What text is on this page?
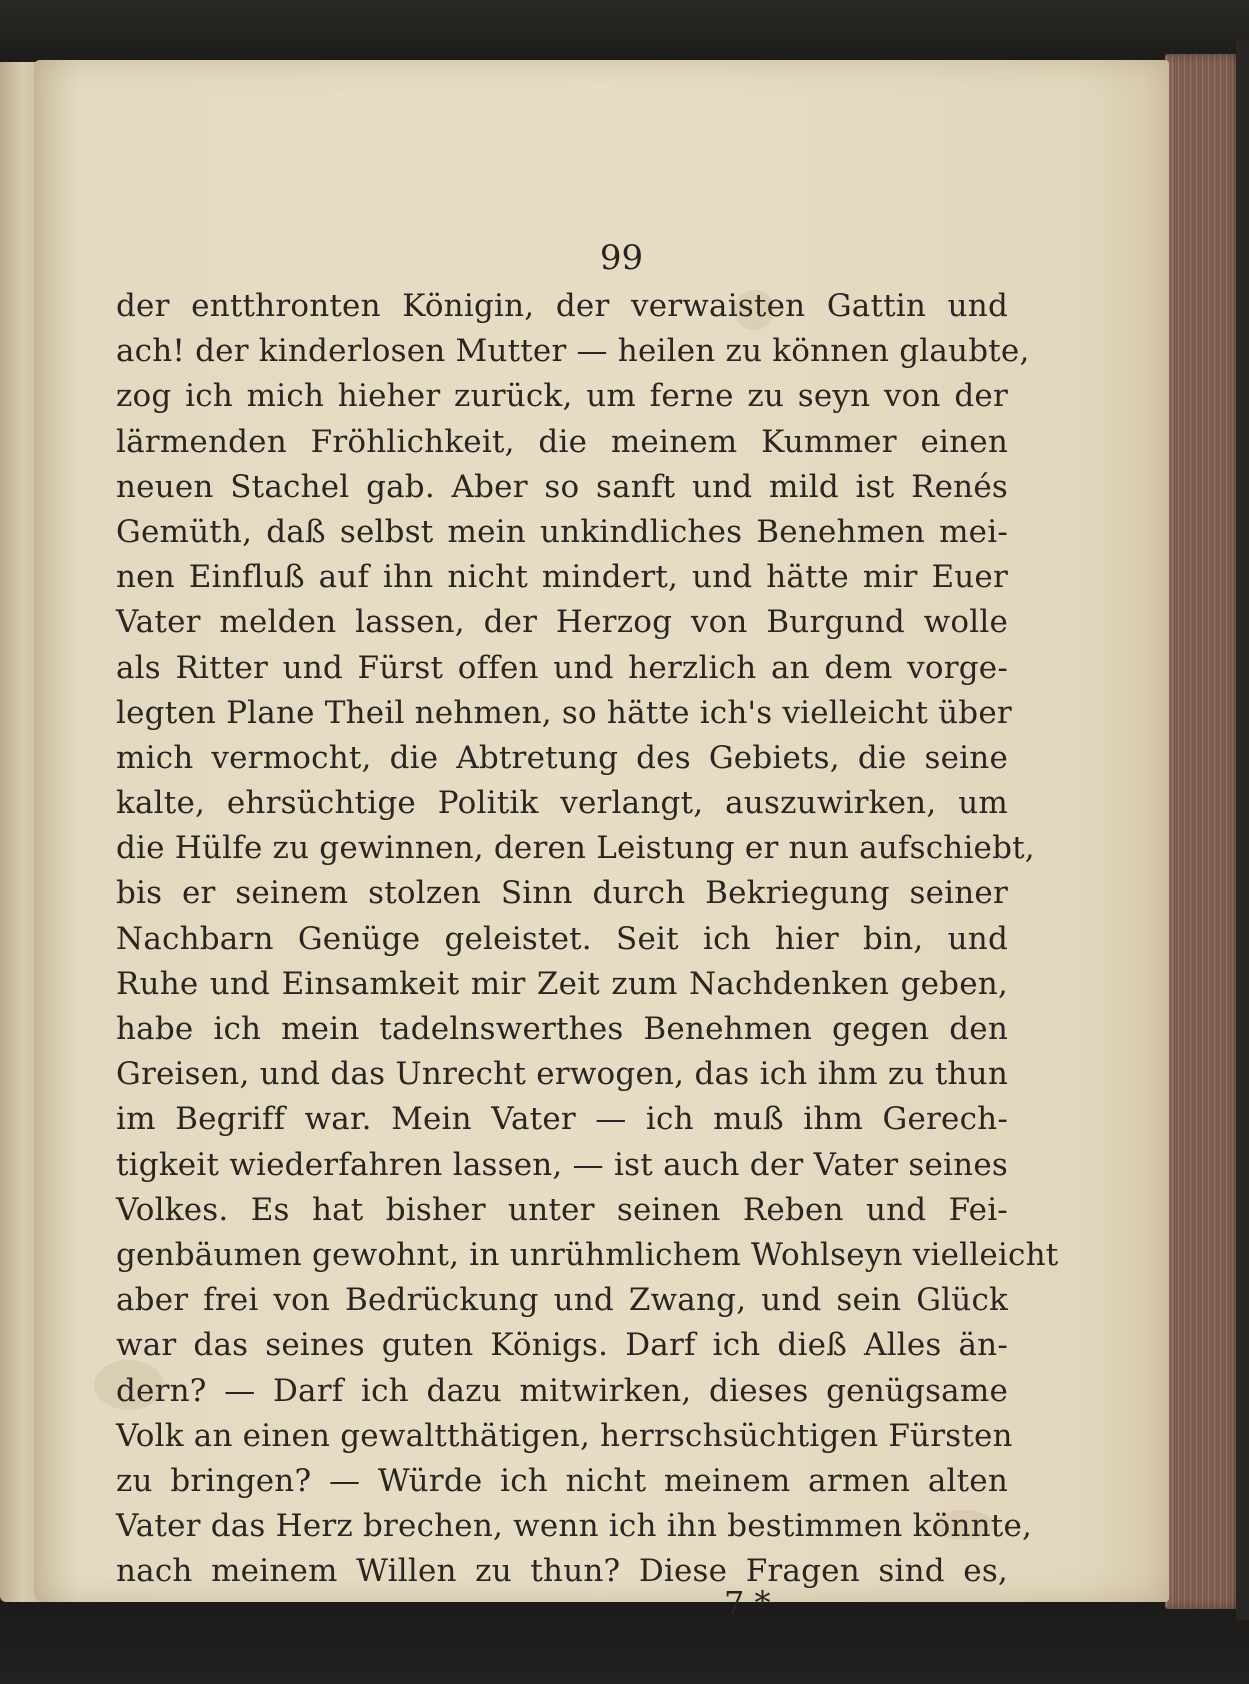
99
der entthronten Königin, der verwaisten Gattin und
ach! der kinderlosen Mutter — heilen zu können glaubte,
zog ich mich hieher zurück, um ferne zu seyn von der
lärmenden Fröhlichkeit, die meinem Kummer einen
neuen Stachel gab. Aber so sanft und mild ist Renés
Gemüth, daß selbst mein unkindliches Benehmen mei-
nen Einfluß auf ihn nicht mindert, und hätte mir Euer
Vater melden lassen, der Herzog von Burgund wolle
als Ritter und Fürst offen und herzlich an dem vorge-
legten Plane Theil nehmen, so hätte ich's vielleicht über
mich vermocht, die Abtretung des Gebiets, die seine
kalte, ehrsüchtige Politik verlangt, auszuwirken, um
die Hülfe zu gewinnen, deren Leistung er nun aufschiebt,
bis er seinem stolzen Sinn durch Bekriegung seiner
Nachbarn Genüge geleistet. Seit ich hier bin, und
Ruhe und Einsamkeit mir Zeit zum Nachdenken geben,
habe ich mein tadelnswerthes Benehmen gegen den
Greisen, und das Unrecht erwogen, das ich ihm zu thun
im Begriff war. Mein Vater — ich muß ihm Gerech-
tigkeit wiederfahren lassen, — ist auch der Vater seines
Volkes. Es hat bisher unter seinen Reben und Fei-
genbäumen gewohnt, in unrühmlichem Wohlseyn vielleicht
aber frei von Bedrückung und Zwang, und sein Glück
war das seines guten Königs. Darf ich dieß Alles än-
dern? — Darf ich dazu mitwirken, dieses genügsame
Volk an einen gewaltthätigen, herrschsüchtigen Fürsten
zu bringen? — Würde ich nicht meinem armen alten
Vater das Herz brechen, wenn ich ihn bestimmen könnte,
nach meinem Willen zu thun? Diese Fragen sind es,
7 *
